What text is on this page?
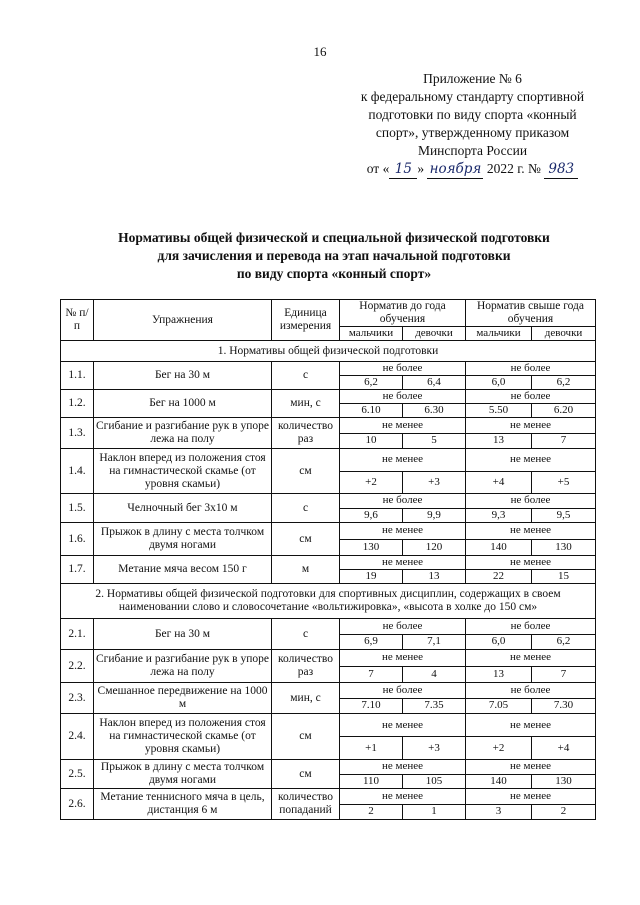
16
Приложение № 6
к федеральному стандарту спортивной
подготовки по виду спорта «конный
спорт», утвержденному приказом
Минспорта России
от « 15 » ноября 2022 г. № 983
Нормативы общей физической и специальной физической подготовки
для зачисления и перевода на этап начальной подготовки
по виду спорта «конный спорт»
№ п/п	Упражнения	Единица измерения	Норматив до года обучения		Норматив свыше года обучения	
			мальчики	девочки	мальчики	девочки
1. Нормативы общей физической подготовки						
1.1.	Бег на 30 м	с	не более		не более	
			6,2	6,4	6,0	6,2
1.2.	Бег на 1000 м	мин, с	не более		не более	
			6.10	6.30	5.50	6.20
1.3.	Сгибание и разгибание рук в упоре лежа на полу	количество раз	не менее		не менее	
			10	5	13	7
1.4.	Наклон вперед из положения стоя на гимнастической скамье (от уровня скамьи)	см	не менее		не менее	
			+2	+3	+4	+5
1.5.	Челночный бег 3х10 м	с	не более		не более	
			9,6	9,9	9,3	9,5
1.6.	Прыжок в длину с места толчком двумя ногами	см	не менее		не менее	
			130	120	140	130
1.7.	Метание мяча весом 150 г	м	не менее		не менее	
			19	13	22	15
2. Нормативы общей физической подготовки для спортивных дисциплин, содержащих в своем наименовании слово и словосочетание «вольтижировка», «высота в холке до 150 см»						
2.1.	Бег на 30 м	с	не более		не более	
			6,9	7,1	6,0	6,2
2.2.	Сгибание и разгибание рук в упоре лежа на полу	количество раз	не менее		не менее	
			7	4	13	7
2.3.	Смешанное передвижение на 1000 м	мин, с	не более		не более	
			7.10	7.35	7.05	7.30
2.4.	Наклон вперед из положения стоя на гимнастической скамье (от уровня скамьи)	см	не менее		не менее	
			+1	+3	+2	+4
2.5.	Прыжок в длину с места толчком двумя ногами	см	не менее		не менее	
			110	105	140	130
2.6.	Метание теннисного мяча в цель, дистанция 6 м	количество попаданий	не менее		не менее	
			2	1	3	2
